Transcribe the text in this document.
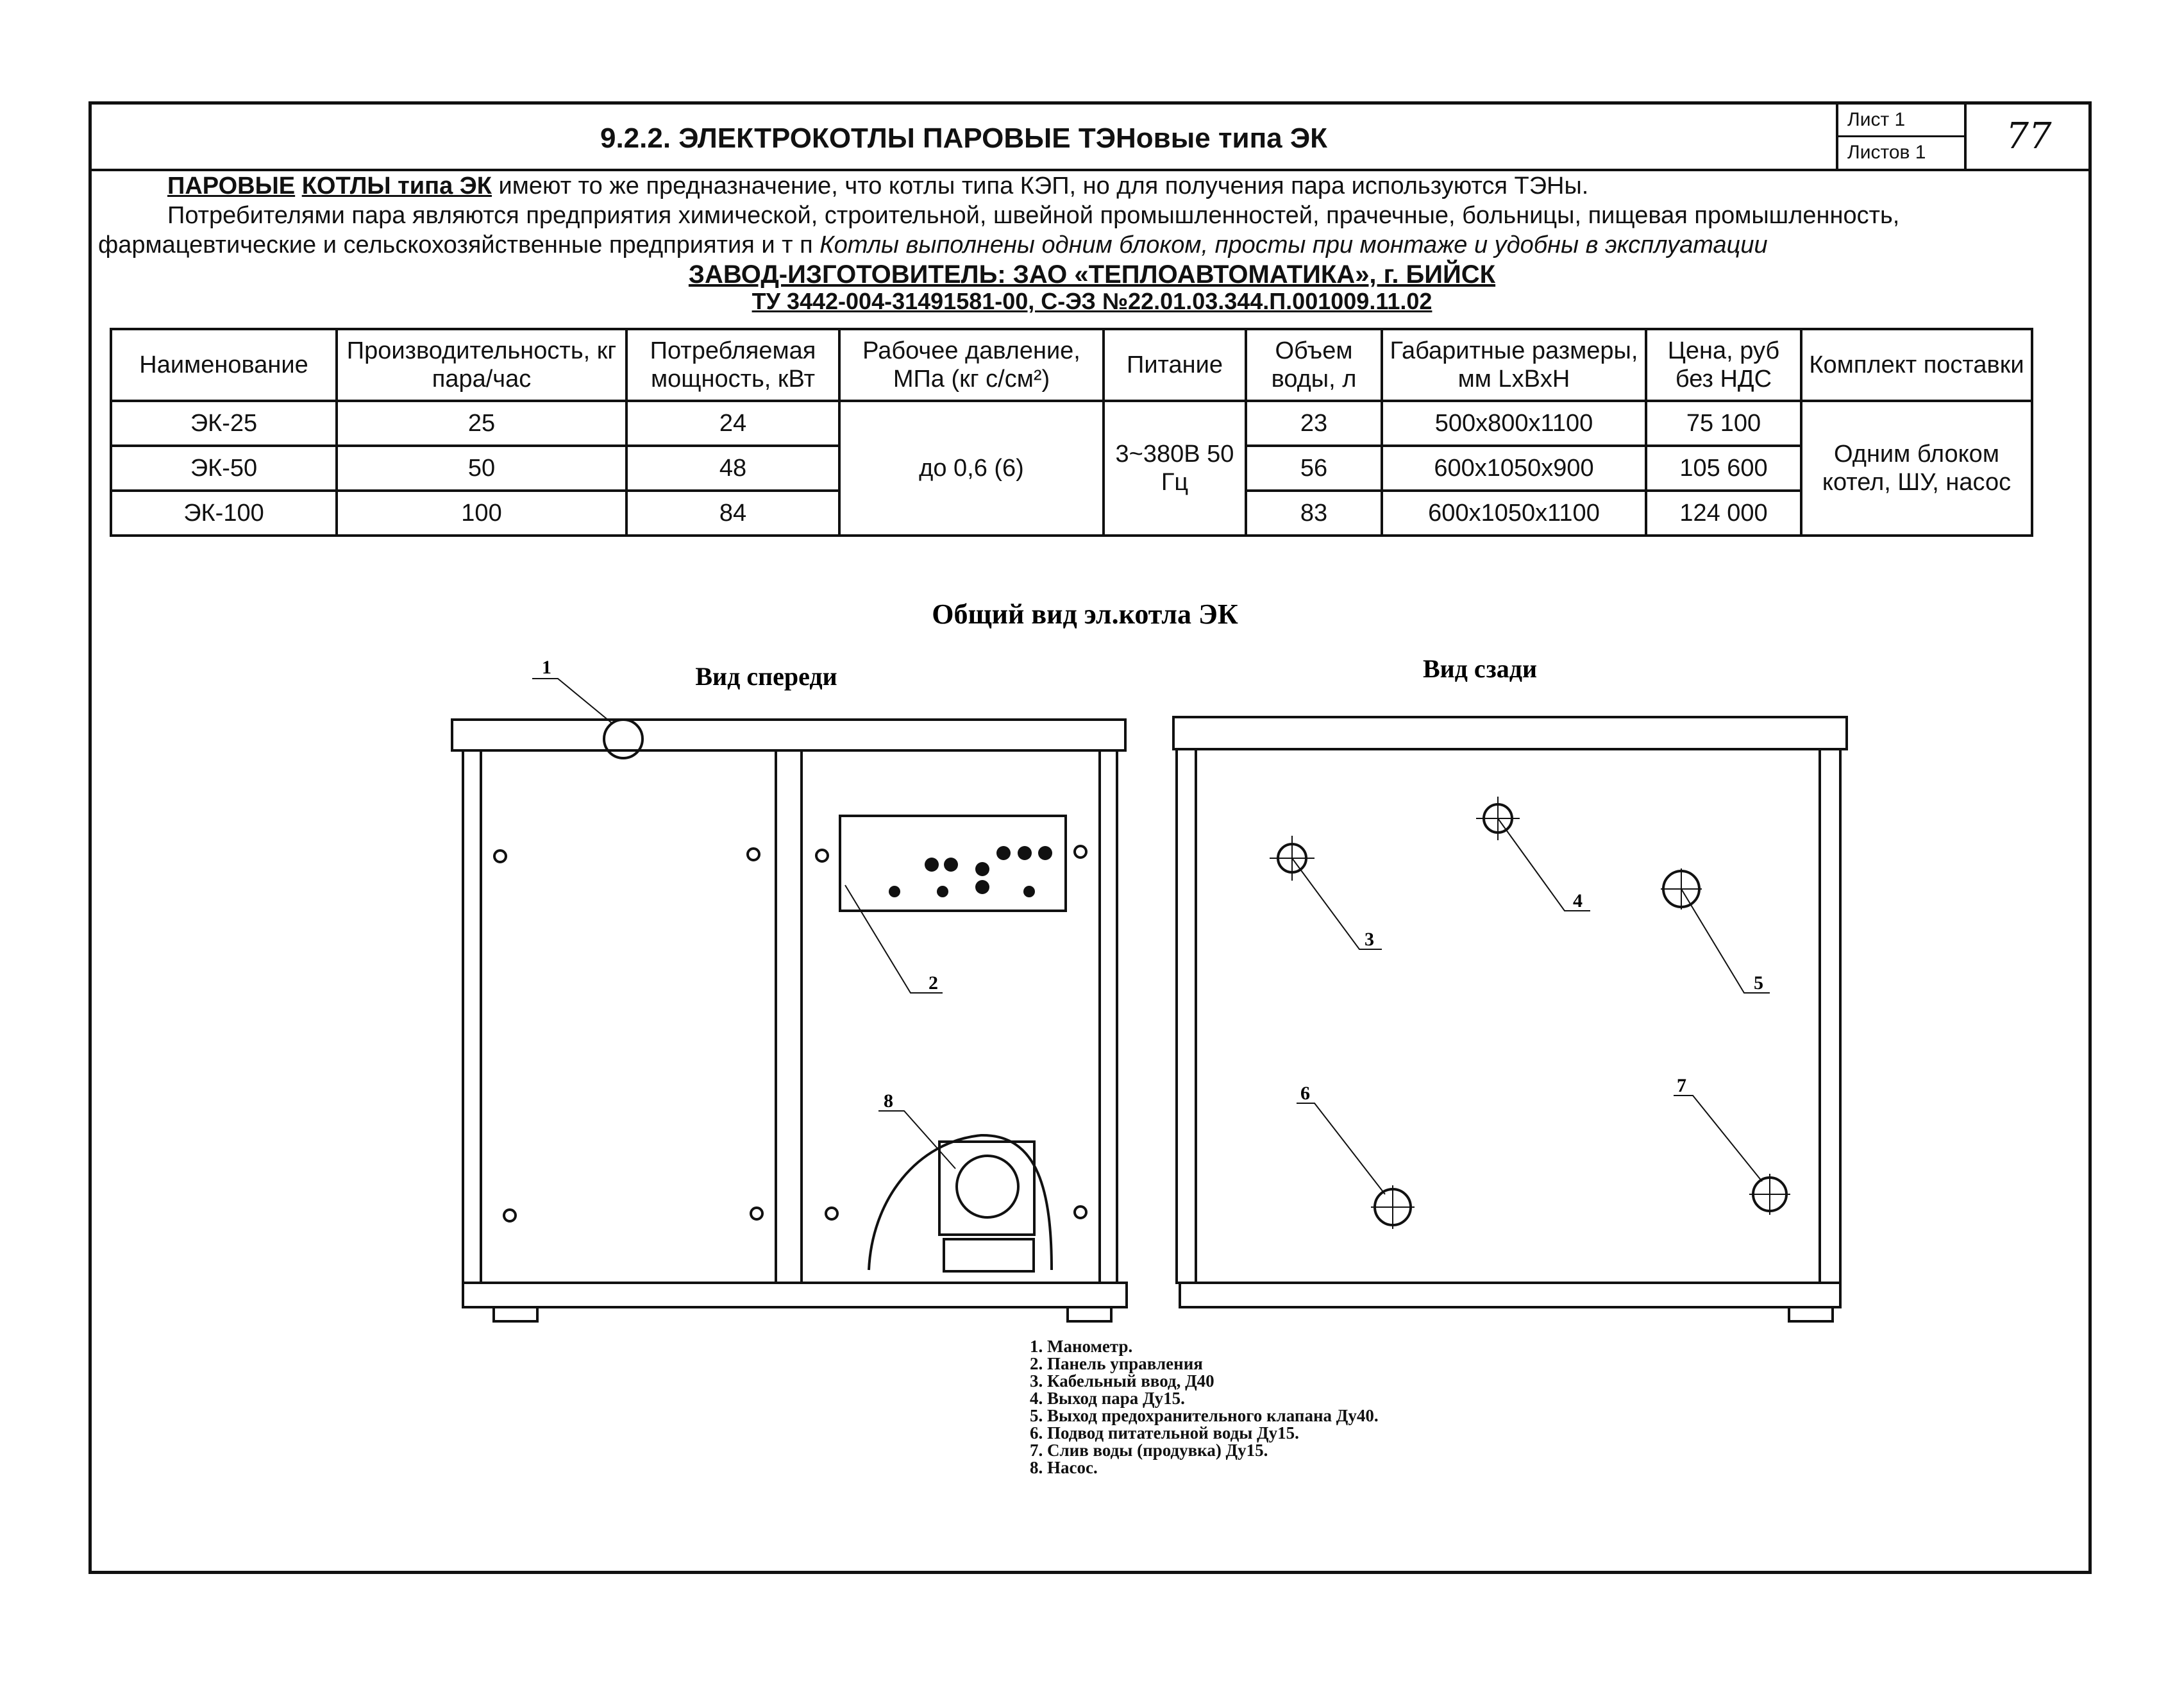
9.2.2. ЭЛЕКТРОКОТЛЫ ПАРОВЫЕ ТЭНовые типа ЭК
Лист 1
Листов 1	77

ПАРОВЫЕ КОТЛЫ типа ЭК имеют то же предназначение, что котлы типа КЭП, но для получения пара используются ТЭНы.

Потребителями пара являются предприятия химической, строительной, швейной промышленностей, прачечные, больницы, пищевая промышленность,

фармацевтические и сельскохозяйственные предприятия и т п Котлы выполнены одним блоком, просты при монтаже и удобны в эксплуатации

ЗАВОД-ИЗГОТОВИТЕЛЬ: ЗАО «ТЕПЛОАВТОМАТИКА», г. БИЙСК

ТУ 3442-004-31491581-00, С-ЭЗ №22.01.03.344.П.001009.11.02

Наименование	Производительность, кг пара/час	Потребляемая мощность, кВт	Рабочее давление, МПа (кг с/см²)	Питание	Объем воды, л	Габаритные размеры, мм LxВxН	Цена, руб без НДС	Комплект поставки
ЭК-25	25	24	до 0,6 (6)	3~380В 50 Гц	23	500x800x1100	75 100	Одним блоком котел, ШУ, насос
ЭК-50	50	48			56	600x1050x900	105 600	
ЭК-100	100	84			83	600x1050x1100	124 000	
Общий вид эл.котла ЭК
Вид спереди	Вид сзади
1
2
3
4
5
6	7
8
1. Манометр.
2. Панель управления
3. Кабельный ввод, Д40
4. Выход пара Ду15.
5. Выход предохранительного клапана Ду40.
6. Подвод питательной воды Ду15.
7. Слив воды (продувка) Ду15.
8. Насос.
